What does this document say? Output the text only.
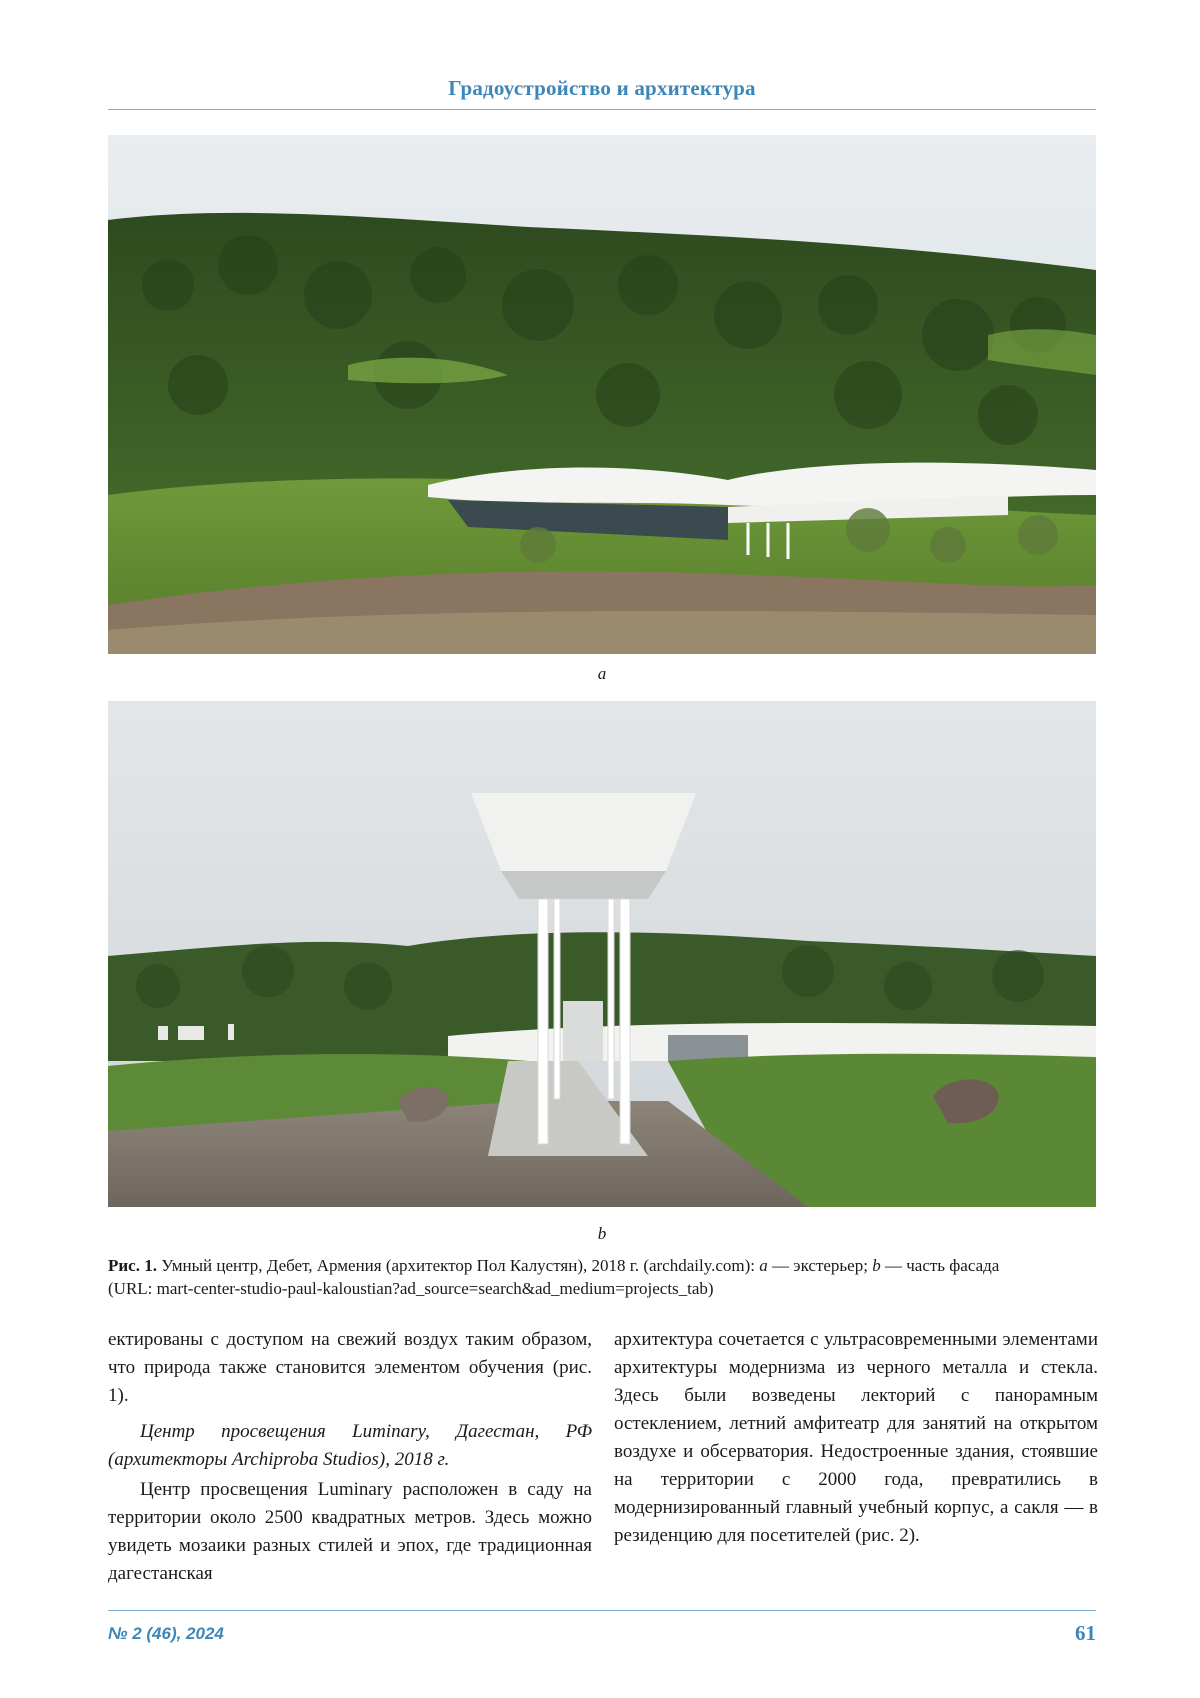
Градоустройство и архитектура
a
b
Рис. 1. Умный центр, Дебет, Армения (архитектор Пол Калустян), 2018 г. (archdaily.com): a — экстерьер; b — часть фасада
(URL: mart-center-studio-paul-kaloustian?ad_source=search&ad_medium=projects_tab)

ектированы с доступом на свежий воздух таким образом, что природа также становится элементом обучения (рис. 1).

Центр просвещения Luminary, Дагестан, РФ (архитекторы Archiproba Studios), 2018 г.

Центр просвещения Luminary расположен в саду на территории около 2500 квадратных метров. Здесь можно увидеть мозаики разных стилей и эпох, где традиционная дагестанская

архитектура сочетается с ультрасовременными элементами архитектуры модернизма из черного металла и стекла. Здесь были возведены лекторий с панорамным остеклением, летний амфитеатр для занятий на открытом воздухе и обсерватория. Недостроенные здания, стоявшие на территории с 2000 года, превратились в модернизированный главный учебный корпус, а сакля — в резиденцию для посетителей (рис. 2).

№ 2 (46), 2024	61
